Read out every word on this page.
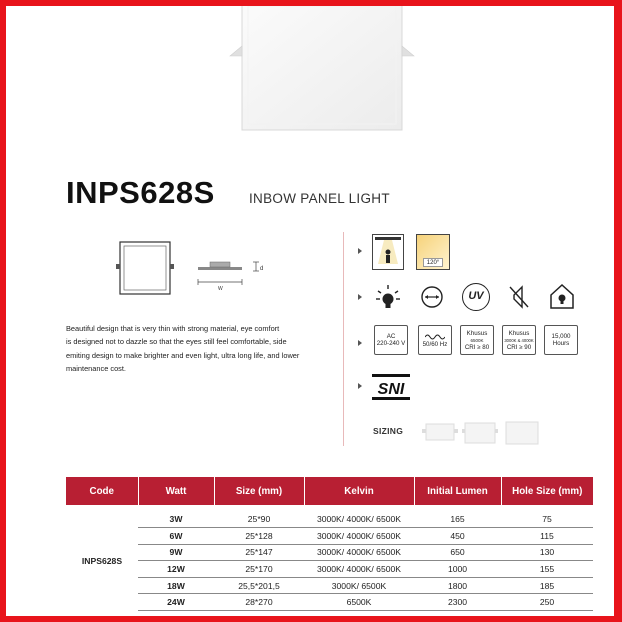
INPS628S	INBOW PANEL LIGHT
W
d
Beautiful design that is very thin with strong material, eye comfort
is designed not to dazzle so that the eyes still feel comfortable, side
emiting design to make brighter and even light, ultra long life, and lower
maintenance cost.
120°
UV
AC
220-240 V	50/60 Hz
Khusus
6500K
CRI ≥ 80
Khusus
3000K & 4000K
CRI ≥ 90
15,000
Hours
SNI
SIZING
Code	Watt	Size (mm)	Kelvin	Initial Lumen	Hole Size (mm)

INPS628S	3W	25*90	3000K/ 4000K/ 6500K	165	75
	6W	25*128	3000K/ 4000K/ 6500K	450	115
	9W	25*147	3000K/ 4000K/ 6500K	650	130
	12W	25*170	3000K/ 4000K/ 6500K	1000	155
	18W	25,5*201,5	3000K/ 6500K	1800	185
	24W	28*270	6500K	2300	250
